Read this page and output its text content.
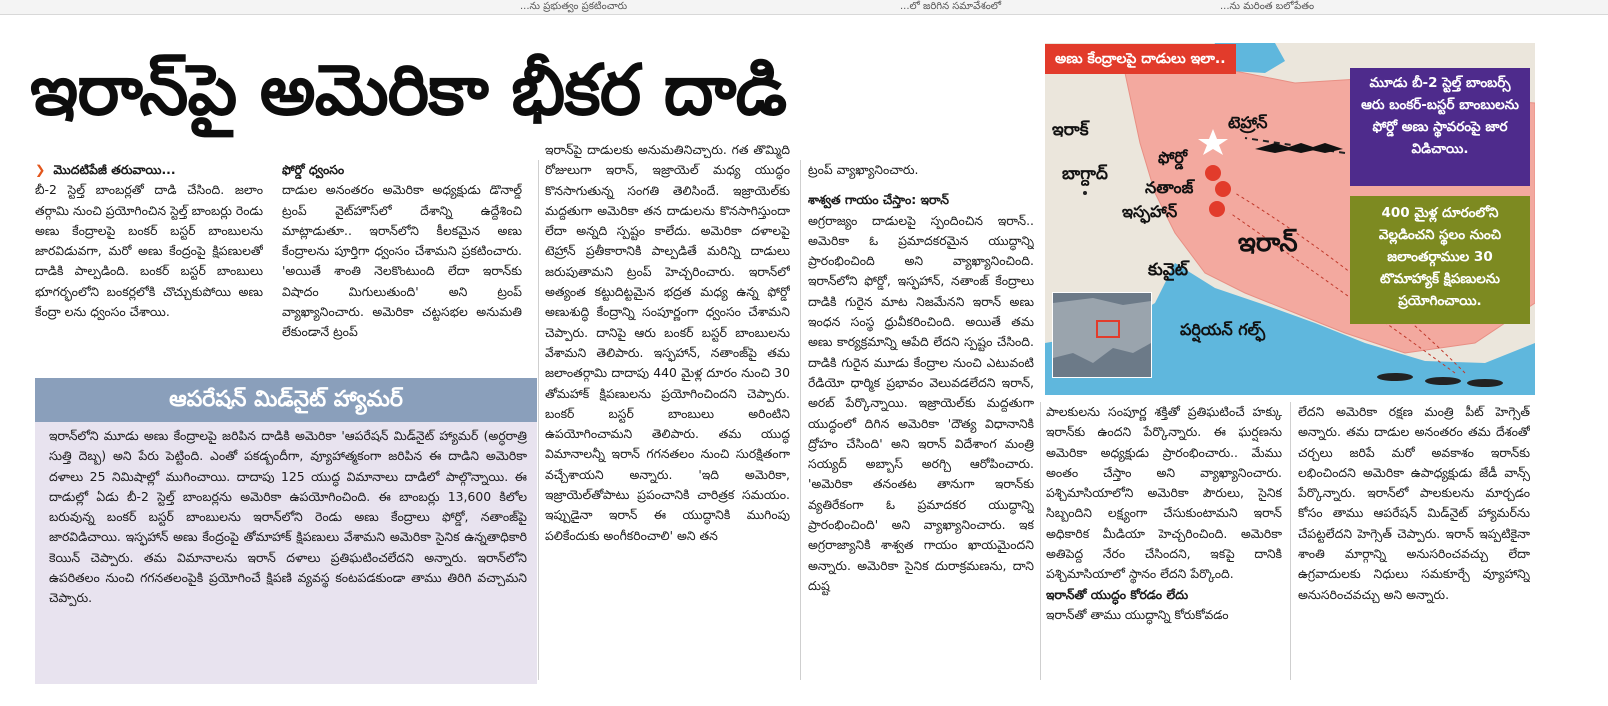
...ను ప్రభుత్వం ప్రకటించారు	...లో జరిగిన సమావేశంలో	...ను మరింత బలోపేతం
ఇరాన్‌పై అమెరికా భీకర దాడి

❯ మొదటిపేజీ తరువాయి...

బీ-2 స్టెల్త్ బాంబర్లతో దాడి చేసింది. జలాం తర్గామి నుంచి ప్రయోగించిన స్టెల్త్ బాంబర్లు రెండు అణు కేంద్రాలపై బంకర్ బస్టర్ బాంబులను జారవిడువగా, మరో అణు కేంద్రంపై క్షిపణులతో దాడికి పాల్పడింది. బంకర్ బస్టర్ బాంబులు భూగర్భంలోని బంకర్లలోకి చొచ్చుకుపోయి అణు కేంద్రా లను ధ్వంసం చేశాయి.

ఫోర్డో ధ్వంసం

దాడుల అనంతరం అమెరికా అధ్యక్షుడు డొనాల్డ్ ట్రంప్ వైట్‌హౌస్‌లో దేశాన్ని ఉద్దేశించి మాట్లాడుతూ.. ఇరాన్‌లోని కీలకమైన అణు కేంద్రాలను పూర్తిగా ధ్వంసం చేశామని ప్రకటించారు. 'అయితే శాంతి నెలకొంటుంది లేదా ఇరాన్‌కు విషాదం మిగులుతుంది' అని ట్రంప్ వ్యాఖ్యానించారు. అమెరికా చట్టసభల అనుమతి లేకుండానే ట్రంప్

ఆపరేషన్ మిడ్‌నైట్ హ్యామర్

ఇరాన్‌లోని మూడు అణు కేంద్రాలపై జరిపిన దాడికి అమెరికా 'ఆపరేషన్ మిడ్‌నైట్ హ్యామర్ (అర్ధరాత్రి సుత్తి దెబ్బ) అని పేరు పెట్టింది. ఎంతో పకడ్బందీగా, వ్యూహాత్మకంగా జరిపిన ఈ దాడిని అమెరికా దళాలు 25 నిమిషాల్లో ముగించాయి. దాదాపు 125 యుద్ధ విమానాలు దాడిలో పాల్గొన్నాయి. ఈ దాడుల్లో ఏడు బీ-2 స్టెల్త్ బాంబర్లను అమెరికా ఉపయోగించింది. ఈ బాంబర్లు 13,600 కిలోల బరువున్న బంకర్ బస్టర్ బాంబులను ఇరాన్‌లోని రెండు అణు కేంద్రాలు ఫోర్డో, నతాంజ్‌పై జారవిడిచాయి. ఇస్ఫహాన్ అణు కేంద్రంపై తోమాహాక్ క్షిపణులు వేశామని అమెరికా సైనిక ఉన్నతాధికారి కెయిన్ చెప్పారు. తమ విమానాలను ఇరాన్ దళాలు ప్రతిఘటించలేదని అన్నారు. ఇరాన్‌లోని ఉపరితలం నుంచి గగనతలంపైకి ప్రయోగించే క్షిపణి వ్యవస్థ కంటపడకుండా తాము తిరిగి వచ్చామని చెప్పారు.

ఇరాన్‌పై దాడులకు అనుమతినిచ్చారు. గత తొమ్మిది రోజులుగా ఇరాన్, ఇజ్రాయెల్ మధ్య యుద్ధం కొనసాగుతున్న సంగతి తెలిసిందే. ఇజ్రాయెల్‌కు మద్దతుగా అమెరికా తన దాడులను కొనసాగిస్తుందా లేదా అన్నది స్పష్టం కాలేదు. అమెరికా దళాలపై టెహ్రాన్ ప్రతీకారానికి పాల్పడితే మరిన్ని దాడులు జరుపుతామని ట్రంప్ హెచ్చరించారు. ఇరాన్‌లో అత్యంత కట్టుదిట్టమైన భద్రత మధ్య ఉన్న ఫోర్డో అణుశుద్ధి కేంద్రాన్ని సంపూర్ణంగా ధ్వంసం చేశామని చెప్పారు. దానిపై ఆరు బంకర్ బస్టర్ బాంబులను వేశామని తెలిపారు. ఇస్ఫహాన్, నతాంజ్‌పై తమ జలాంతర్గామి దాదాపు 440 మైళ్ల దూరం నుంచి 30 తోమహాక్ క్షిపణులను ప్రయోగించిందని చెప్పారు. బంకర్ బస్టర్ బాంబులు అరింటిని ఉపయోగించామని తెలిపారు. తమ యుద్ధ విమానాలన్నీ ఇరాన్ గగనతలం నుంచి సురక్షితంగా వచ్చేశాయని అన్నారు. 'ఇది అమెరికా, ఇజ్రాయెల్‌తోపాటు ప్రపంచానికి చారిత్రక సమయం. ఇప్పుడైనా ఇరాన్ ఈ యుద్ధానికి ముగింపు పలికేందుకు అంగీకరించాలి' అని తన

ట్రంప్ వ్యాఖ్యానించారు.

శాశ్వత గాయం చేస్తాం: ఇరాన్

అగ్రరాజ్యం దాడులపై స్పందించిన ఇరాన్.. అమెరికా ఓ ప్రమాదకరమైన యుద్ధాన్ని ప్రారంభించింది అని వ్యాఖ్యానించింది. ఇరాన్‌లోని ఫోర్డో, ఇస్ఫహాన్, నతాంజ్ కేంద్రాలు దాడికి గురైన మాట నిజమేనని ఇరాన్ అణు ఇంధన సంస్థ ధ్రువీకరించింది. అయితే తమ అణు కార్యక్రమాన్ని ఆపేది లేదని స్పష్టం చేసింది. దాడికి గురైన మూడు కేంద్రాల నుంచి ఎటువంటి రేడియో ధార్మిక ప్రభావం వెలువడలేదని ఇరాన్, అరబ్ పేర్కొన్నాయి. ఇజ్రాయెల్‌కు మద్దతుగా యుద్ధంలో దిగిన అమెరికా 'దౌత్య విధానానికి ద్రోహం చేసింది' అని ఇరాన్ విదేశాంగ మంత్రి సయ్యద్ అబ్బాస్ అరగ్చి ఆరోపించారు. 'అమెరికా తనంతట తానుగా ఇరాన్‌కు వ్యతిరేకంగా ఓ ప్రమాదకర యుద్ధాన్ని ప్రారంభించింది' అని వ్యాఖ్యానించారు. ఇక అగ్రరాజ్యానికి శాశ్వత గాయం ఖాయమైందని అన్నారు. అమెరికా సైనిక దురాక్రమణను, దాని దుష్ట

పాలకులను సంపూర్ణ శక్తితో ప్రతిఘటించే హక్కు ఇరాన్‌కు ఉందని పేర్కొన్నారు. ఈ ఘర్షణను అమెరికా అధ్యక్షుడు ప్రారంభించారు.. మేము అంతం చేస్తాం అని వ్యాఖ్యానించారు. పశ్చిమాసియాలోని అమెరికా పౌరులు, సైనిక సిబ్బందిని లక్ష్యంగా చేసుకుంటామని ఇరాన్ అధికారిక మీడియా హెచ్చరించింది. అమెరికా అతిపెద్ద నేరం చేసిందని, ఇకపై దానికి పశ్చిమాసియాలో స్థానం లేదని పేర్కొంది.

ఇరాన్‌తో యుద్ధం కోరడం లేదు

ఇరాన్‌తో తాము యుద్ధాన్ని కోరుకోవడం

లేదని అమెరికా రక్షణ మంత్రి పీట్ హెగ్సెత్ అన్నారు. తమ దాడుల అనంతరం తమ దేశంతో చర్చలు జరిపే మరో అవకాశం ఇరాన్‌కు లభించిందని అమెరికా ఉపాధ్యక్షుడు జేడీ వాన్స్ పేర్కొన్నారు. ఇరాన్‌లో పాలకులను మార్చడం కోసం తాము ఆపరేషన్ మిడ్‌నైట్ హ్యామర్‌ను చేపట్టలేదని హెగ్సెత్ చెప్పారు. ఇరాన్ ఇప్పటికైనా శాంతి మార్గాన్ని అనుసరించవచ్చు లేదా ఉగ్రవాదులకు నిధులు సమకూర్చే వ్యూహాన్ని అనుసరించవచ్చు అని అన్నారు.

అణు కేంద్రాలపై దాడులు ఇలా..
ఇరాక్
బాగ్దాద్
టెహ్రాన్
ఫోర్డో
నతాంజ్
ఇస్ఫహాన్
ఇరాన్
కువైట్
పర్షియన్ గల్ఫ్
మూడు బీ-2 స్టెల్త్ బాంబర్స్ ఆరు బంకర్-బస్టర్ బాంబులను ఫోర్డో అణు స్థావరంపై జార విడిచాయి.
400 మైళ్ల దూరంలోని వెల్లడించని స్థలం నుంచి జలాంతర్గాముల 30 టొమాహ్యాక్ క్షిపణులను ప్రయోగించాయి.
